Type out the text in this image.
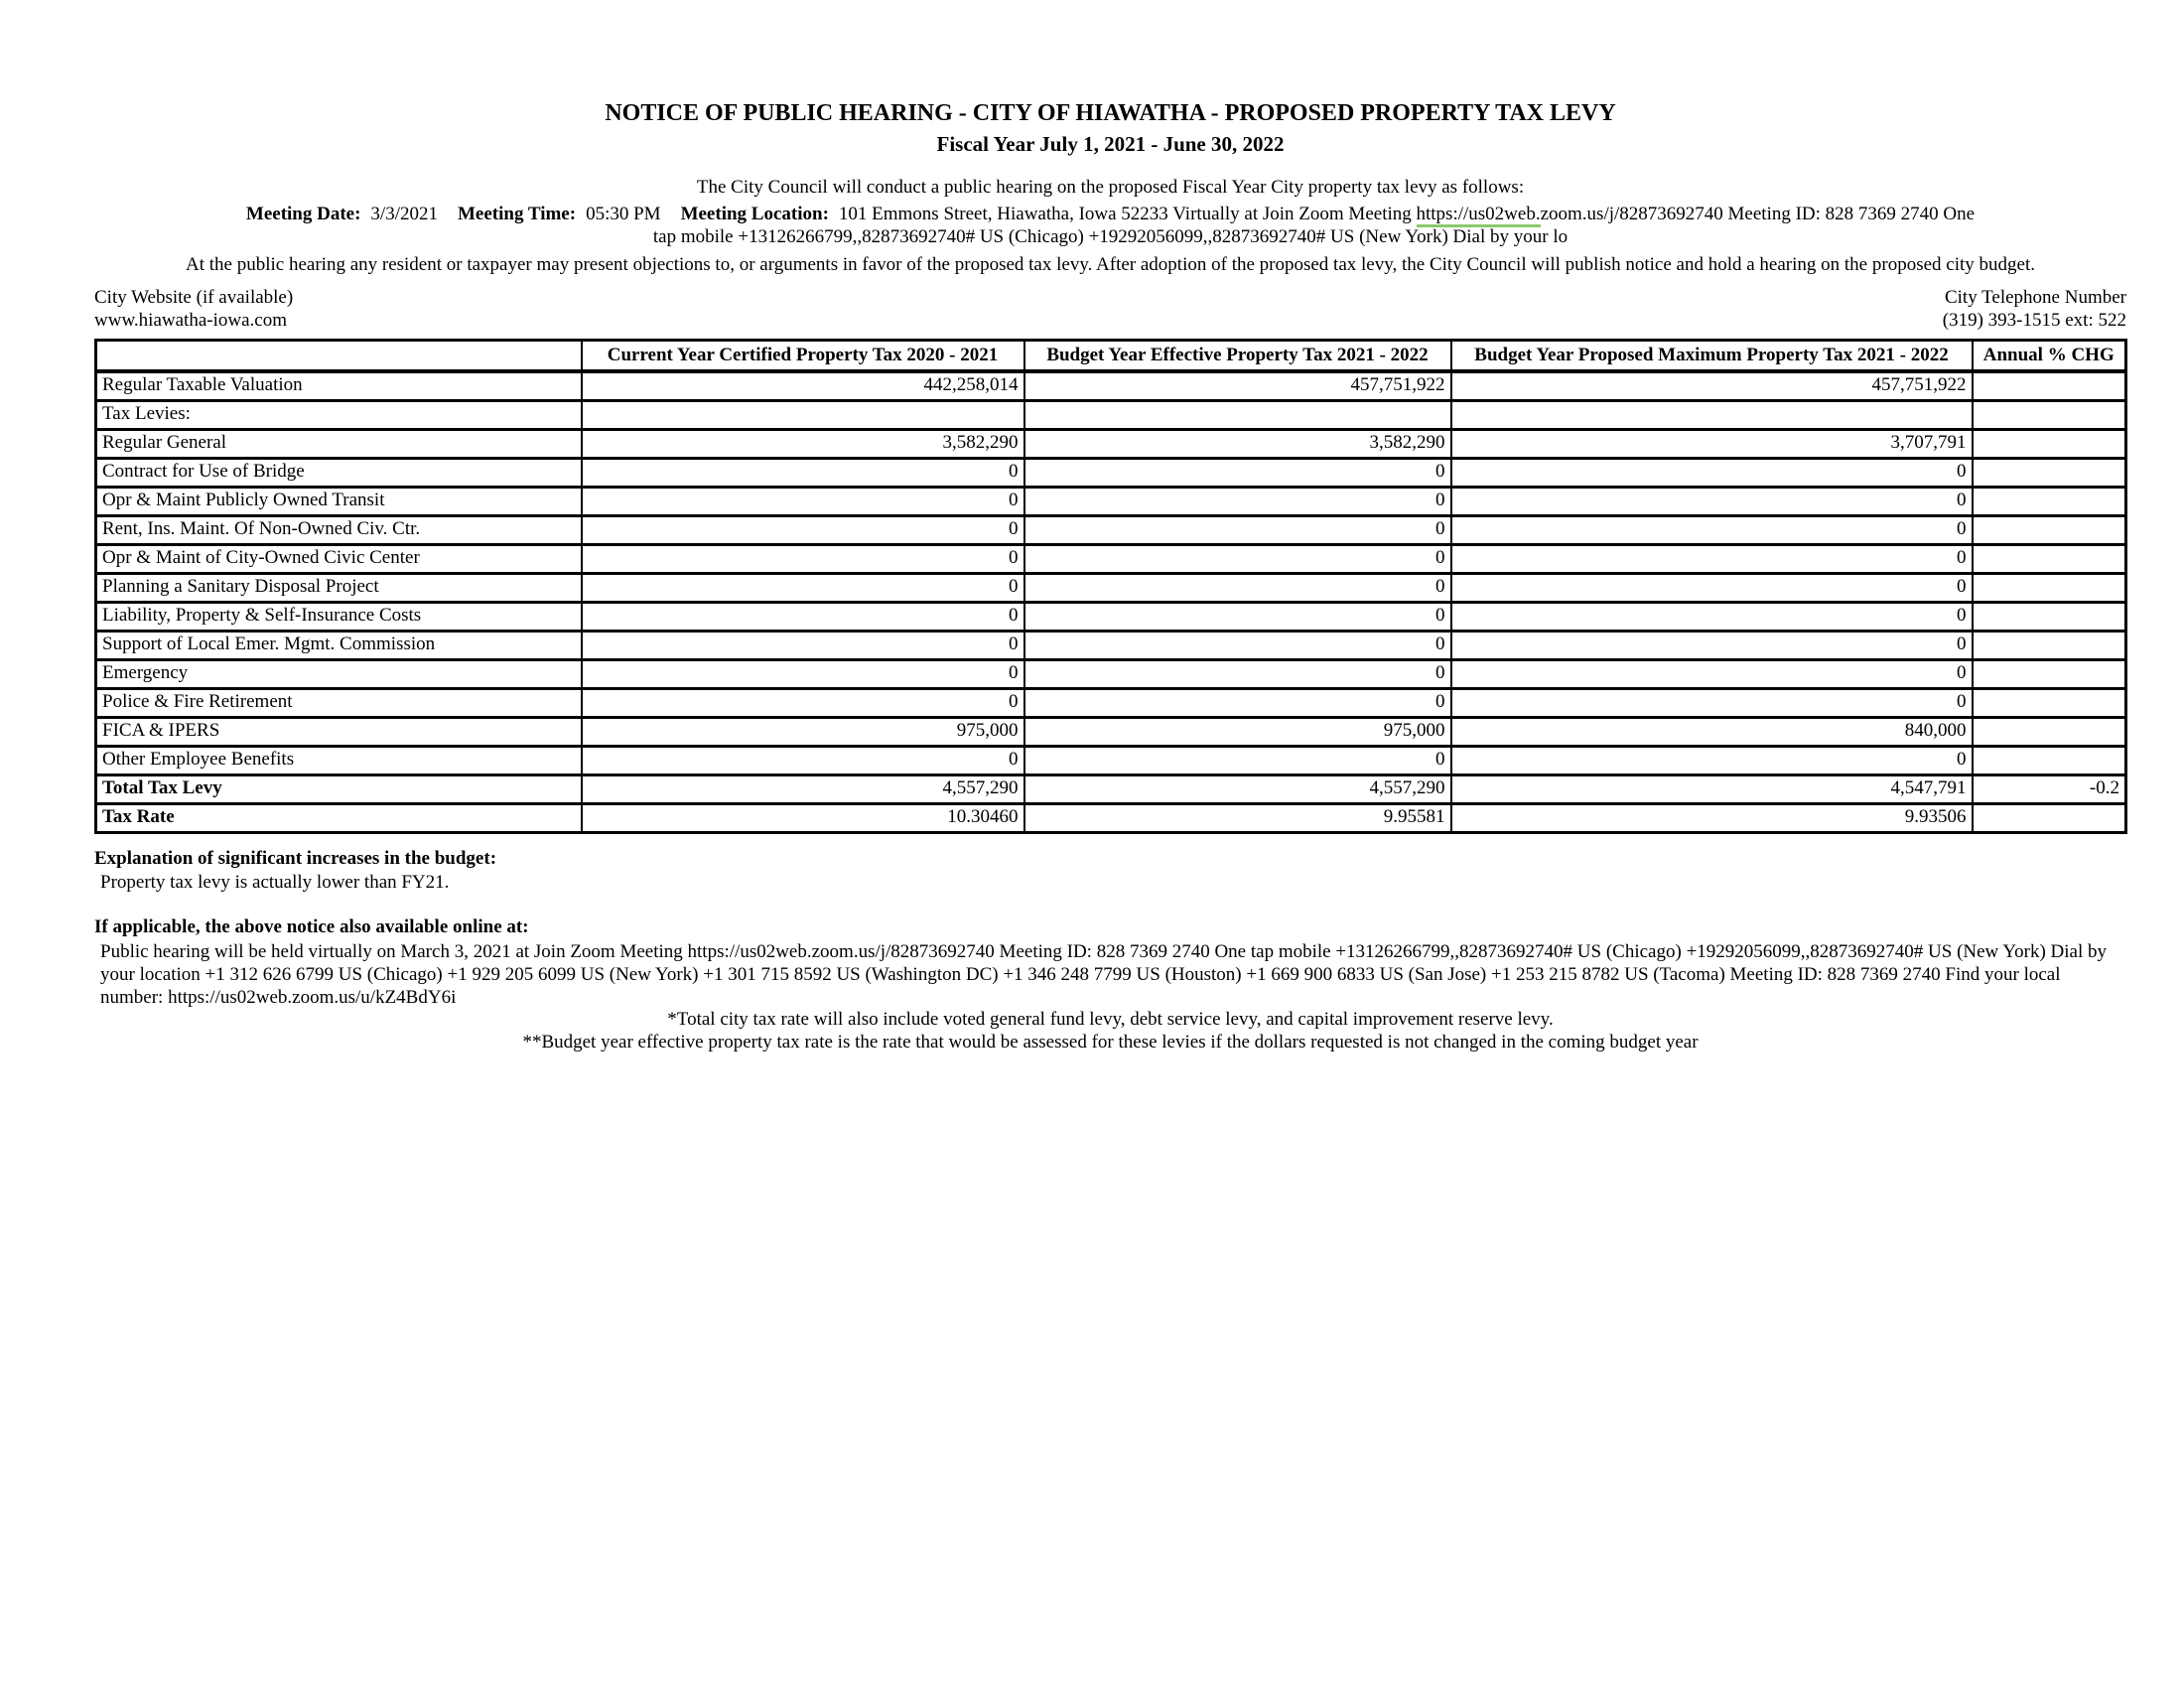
NOTICE OF PUBLIC HEARING - CITY OF HIAWATHA - PROPOSED PROPERTY TAX LEVY
Fiscal Year July 1, 2021 - June 30, 2022
The City Council will conduct a public hearing on the proposed Fiscal Year City property tax levy as follows:
Meeting Date: 3/3/2021 Meeting Time: 05:30 PM Meeting Location: 101 Emmons Street, Hiawatha, Iowa 52233 Virtually at Join Zoom Meeting https://us02web.zoom.us/j/82873692740 Meeting ID: 828 7369 2740 One
tap mobile +13126266799,,82873692740# US (Chicago) +19292056099,,82873692740# US (New York) Dial by your lo
At the public hearing any resident or taxpayer may present objections to, or arguments in favor of the proposed tax levy. After adoption of the proposed tax levy, the City Council will publish notice and hold a hearing on the proposed city budget.
City Website (if available)
www.hiawatha-iowa.com
City Telephone Number
(319) 393-1515 ext: 522
	Current Year Certified Property Tax 2020 - 2021	Budget Year Effective Property Tax 2021 - 2022	Budget Year Proposed Maximum Property Tax 2021 - 2022	Annual % CHG
Regular Taxable Valuation	442,258,014	457,751,922	457,751,922	
Tax Levies:				
Regular General	3,582,290	3,582,290	3,707,791	
Contract for Use of Bridge	0	0	0	
Opr & Maint Publicly Owned Transit	0	0	0	
Rent, Ins. Maint. Of Non-Owned Civ. Ctr.	0	0	0	
Opr & Maint of City-Owned Civic Center	0	0	0	
Planning a Sanitary Disposal Project	0	0	0	
Liability, Property & Self-Insurance Costs	0	0	0	
Support of Local Emer. Mgmt. Commission	0	0	0	
Emergency	0	0	0	
Police & Fire Retirement	0	0	0	
FICA & IPERS	975,000	975,000	840,000	
Other Employee Benefits	0	0	0	
Total Tax Levy	4,557,290	4,557,290	4,547,791	-0.2
Tax Rate	10.30460	9.95581	9.93506	
Explanation of significant increases in the budget:
Property tax levy is actually lower than FY21.
If applicable, the above notice also available online at:
Public hearing will be held virtually on March 3, 2021 at Join Zoom Meeting https://us02web.zoom.us/j/82873692740 Meeting ID: 828 7369 2740 One tap mobile +13126266799,,82873692740# US (Chicago) +19292056099,,82873692740# US (New York) Dial by your location +1 312 626 6799 US (Chicago) +1 929 205 6099 US (New York) +1 301 715 8592 US (Washington DC) +1 346 248 7799 US (Houston) +1 669 900 6833 US (San Jose) +1 253 215 8782 US (Tacoma) Meeting ID: 828 7369 2740 Find your local number: https://us02web.zoom.us/u/kZ4BdY6i
*Total city tax rate will also include voted general fund levy, debt service levy, and capital improvement reserve levy.
**Budget year effective property tax rate is the rate that would be assessed for these levies if the dollars requested is not changed in the coming budget year
